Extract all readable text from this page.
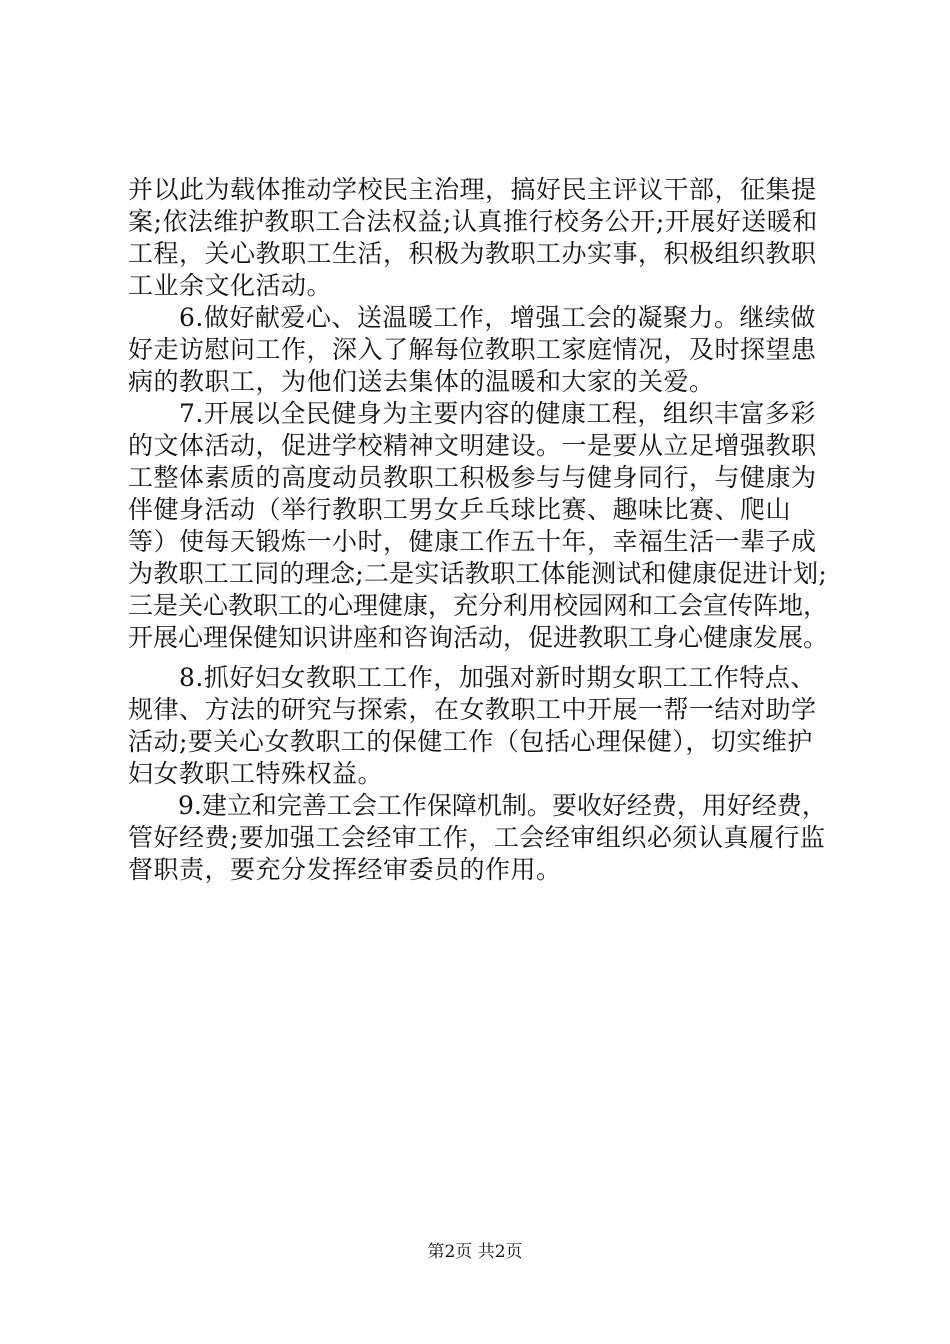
并以此为载体推动学校民主治理，搞好民主评议干部，征集提
案;依法维护教职工合法权益;认真推行校务公开;开展好送暖和
工程，关心教职工生活，积极为教职工办实事，积极组织教职
工业余文化活动。
　　6.做好献爱心、送温暖工作，增强工会的凝聚力。继续做
好走访慰问工作，深入了解每位教职工家庭情况，及时探望患
病的教职工，为他们送去集体的温暖和大家的关爱。
　　7.开展以全民健身为主要内容的健康工程，组织丰富多彩
的文体活动，促进学校精神文明建设。一是要从立足增强教职
工整体素质的高度动员教职工积极参与与健身同行，与健康为
伴健身活动（举行教职工男女乒乓球比赛、趣味比赛、爬山
等）使每天锻炼一小时，健康工作五十年，幸福生活一辈子成
为教职工工同的理念;二是实话教职工体能测试和健康促进计划;
三是关心教职工的心理健康，充分利用校园网和工会宣传阵地，
开展心理保健知识讲座和咨询活动，促进教职工身心健康发展。
　　8.抓好妇女教职工工作，加强对新时期女职工工作特点、
规律、方法的研究与探索，在女教职工中开展一帮一结对助学
活动;要关心女教职工的保健工作（包括心理保健），切实维护
妇女教职工特殊权益。
　　9.建立和完善工会工作保障机制。要收好经费，用好经费，
管好经费;要加强工会经审工作，工会经审组织必须认真履行监
督职责，要充分发挥经审委员的作用。
第2页 共2页
